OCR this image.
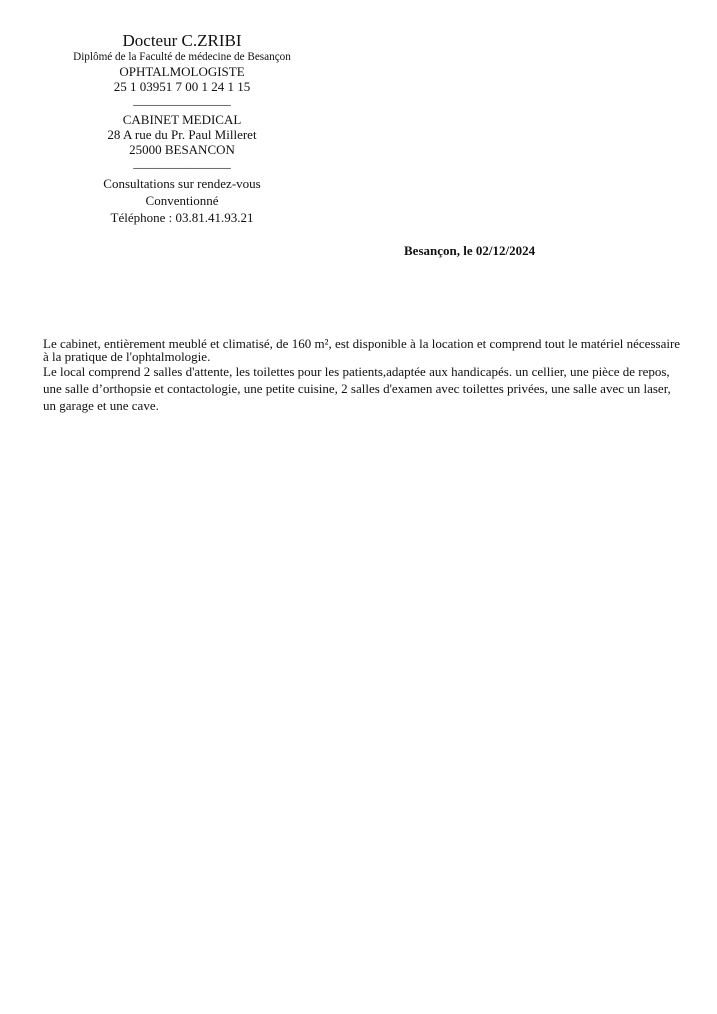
Docteur C.ZRIBI
Diplômé de la Faculté de médecine de Besançon
OPHTALMOLOGISTE
25 1 03951 7 00 1 24 1 15
_______________
CABINET MEDICAL
28 A rue du Pr. Paul Milleret
25000 BESANCON
_______________
Consultations sur rendez-vous
Conventionné
Téléphone : 03.81.41.93.21
Besançon, le 02/12/2024
Le cabinet, entièrement meublé et climatisé, de 160 m², est disponible à la location et comprend tout le matériel nécessaire à la pratique de l'ophtalmologie.
Le local comprend 2 salles d'attente, les toilettes pour les patients,adaptée aux handicapés. un cellier, une pièce de repos, une salle d’orthopsie et contactologie, une petite cuisine, 2 salles d'examen avec toilettes privées, une salle avec un laser, un garage et une cave.
